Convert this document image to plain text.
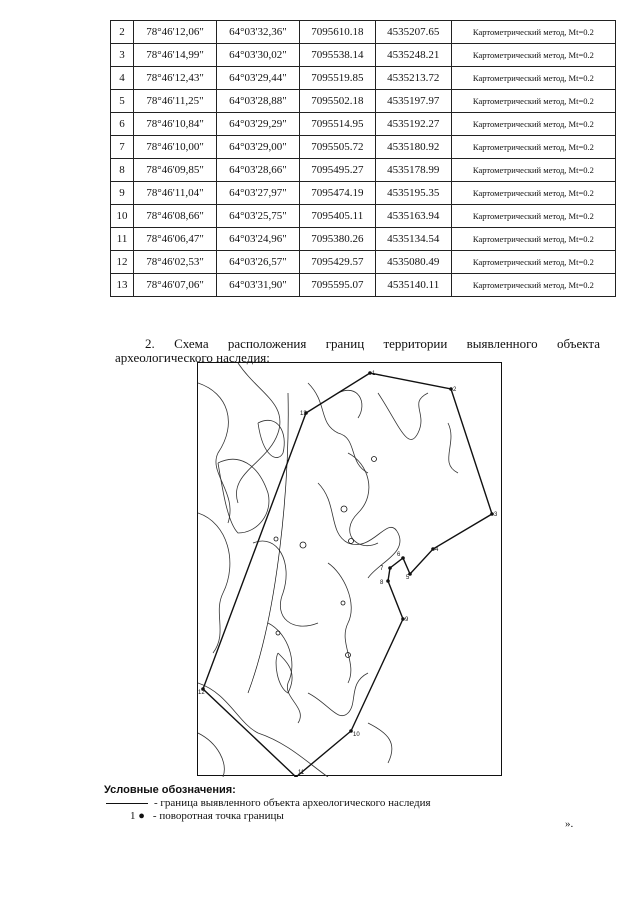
2	78°46'12,06"	64°03'32,36"	7095610.18	4535207.65	Картометрический метод, Mt=0.2
3	78°46'14,99"	64°03'30,02"	7095538.14	4535248.21	Картометрический метод, Mt=0.2
4	78°46'12,43"	64°03'29,44"	7095519.85	4535213.72	Картометрический метод, Mt=0.2
5	78°46'11,25"	64°03'28,88"	7095502.18	4535197.97	Картометрический метод, Mt=0.2
6	78°46'10,84"	64°03'29,29"	7095514.95	4535192.27	Картометрический метод, Mt=0.2
7	78°46'10,00"	64°03'29,00"	7095505.72	4535180.92	Картометрический метод, Mt=0.2
8	78°46'09,85"	64°03'28,66"	7095495.27	4535178.99	Картометрический метод, Mt=0.2
9	78°46'11,04"	64°03'27,97"	7095474.19	4535195.35	Картометрический метод, Mt=0.2
10	78°46'08,66"	64°03'25,75"	7095405.11	4535163.94	Картометрический метод, Mt=0.2
11	78°46'06,47"	64°03'24,96"	7095380.26	4535134.54	Картометрический метод, Mt=0.2
12	78°46'02,53"	64°03'26,57"	7095429.57	4535080.49	Картометрический метод, Mt=0.2
13	78°46'07,06"	64°03'31,90"	7095595.07	4535140.11	Картометрический метод, Mt=0.2
2. Схема расположения границ территории выявленного объекта
археологического наследия:
1
2
3
4
5
6
7
8
9
10
11
12
13
Условные обозначения:
- граница выявленного объекта археологического наследия
1 ● - поворотная точка границы
».
